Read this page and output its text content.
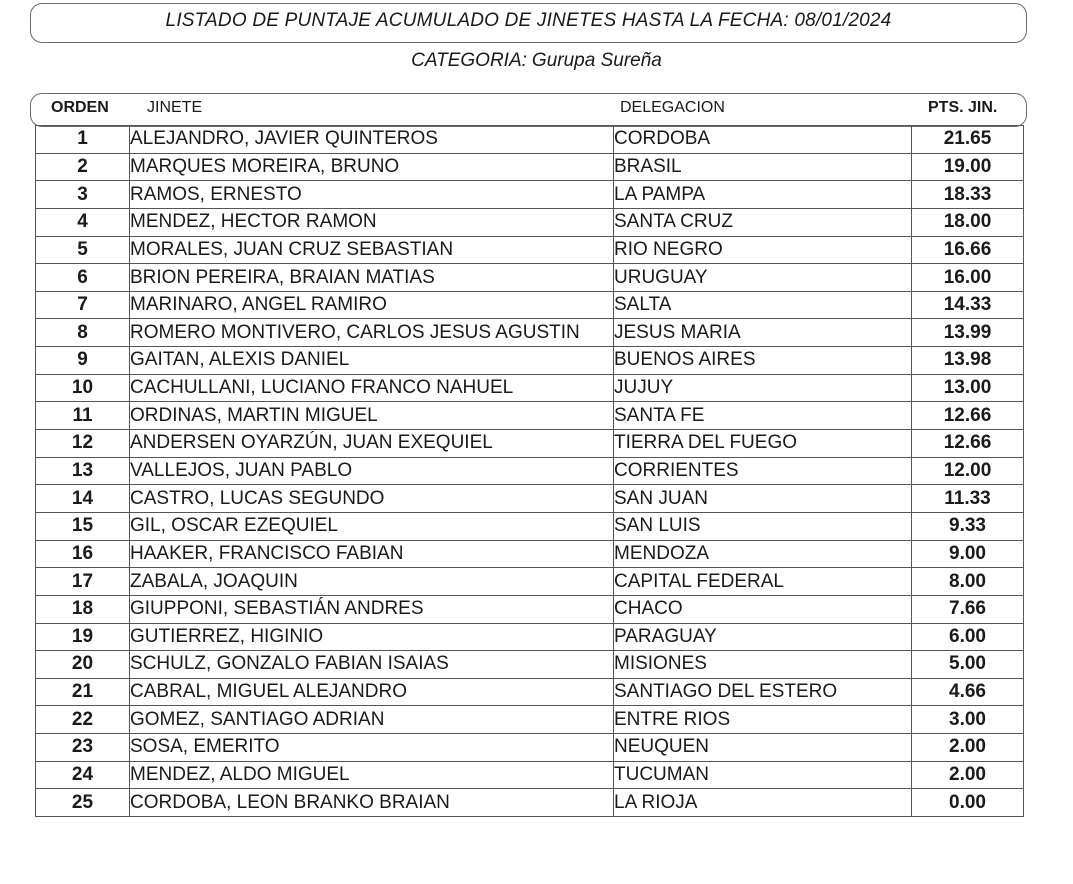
LISTADO DE PUNTAJE ACUMULADO DE JINETES HASTA LA FECHA: 08/01/2024
CATEGORIA: Gurupa Sureña
ORDEN JINETE	DELEGACION	PTS. JIN.
1	ALEJANDRO, JAVIER QUINTEROS	CORDOBA	21.65
2	MARQUES MOREIRA, BRUNO	BRASIL	19.00
3	RAMOS, ERNESTO	LA PAMPA	18.33
4	MENDEZ, HECTOR RAMON	SANTA CRUZ	18.00
5	MORALES, JUAN CRUZ SEBASTIAN	RIO NEGRO	16.66
6	BRION PEREIRA, BRAIAN MATIAS	URUGUAY	16.00
7	MARINARO, ANGEL RAMIRO	SALTA	14.33
8	ROMERO MONTIVERO, CARLOS JESUS AGUSTIN	JESUS MARIA	13.99
9	GAITAN, ALEXIS DANIEL	BUENOS AIRES	13.98
10	CACHULLANI, LUCIANO FRANCO NAHUEL	JUJUY	13.00
11	ORDINAS, MARTIN MIGUEL	SANTA FE	12.66
12	ANDERSEN OYARZÚN, JUAN EXEQUIEL	TIERRA DEL FUEGO	12.66
13	VALLEJOS, JUAN PABLO	CORRIENTES	12.00
14	CASTRO, LUCAS SEGUNDO	SAN JUAN	11.33
15	GIL, OSCAR EZEQUIEL	SAN LUIS	9.33
16	HAAKER, FRANCISCO FABIAN	MENDOZA	9.00
17	ZABALA, JOAQUIN	CAPITAL FEDERAL	8.00
18	GIUPPONI, SEBASTIÁN ANDRES	CHACO	7.66
19	GUTIERREZ, HIGINIO	PARAGUAY	6.00
20	SCHULZ, GONZALO FABIAN ISAIAS	MISIONES	5.00
21	CABRAL, MIGUEL ALEJANDRO	SANTIAGO DEL ESTERO	4.66
22	GOMEZ, SANTIAGO ADRIAN	ENTRE RIOS	3.00
23	SOSA, EMERITO	NEUQUEN	2.00
24	MENDEZ, ALDO MIGUEL	TUCUMAN	2.00
25	CORDOBA, LEON BRANKO BRAIAN	LA RIOJA	0.00
